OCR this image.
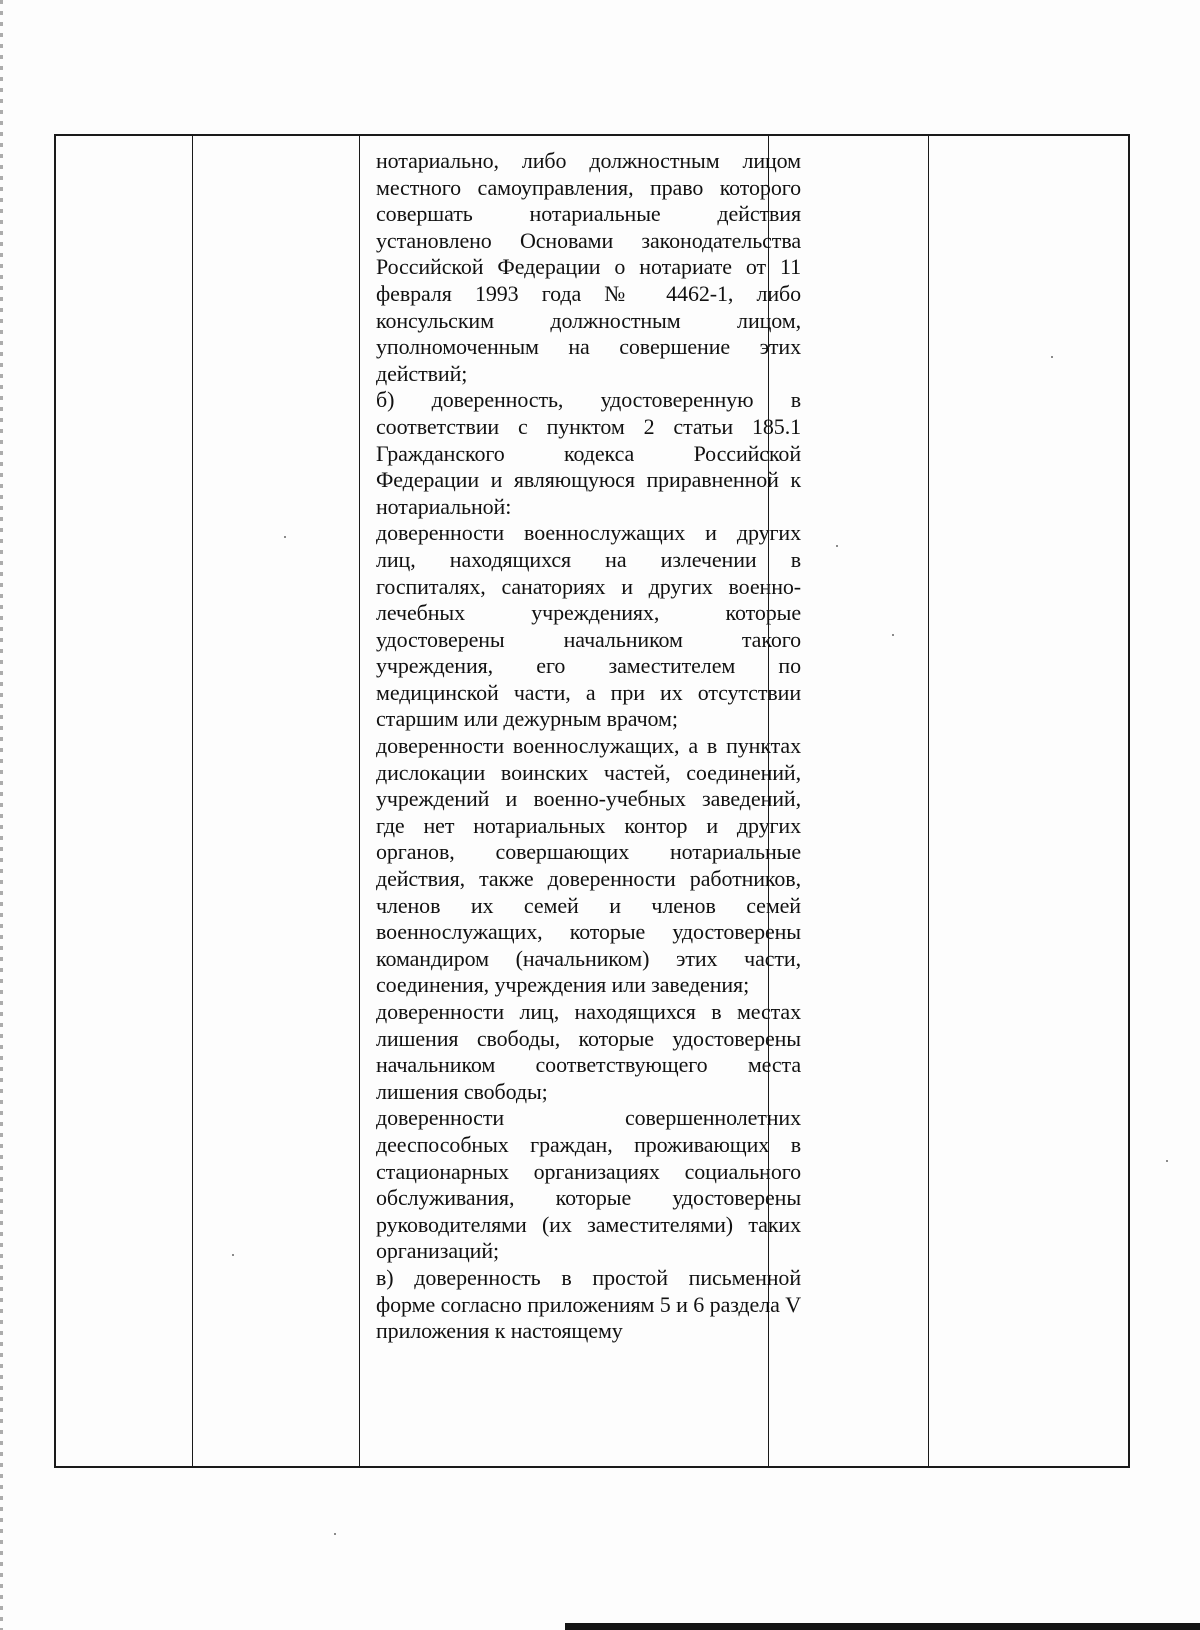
нотариально, либо должностным лицом местного самоуправления, право которого совершать нотариальные действия установлено Основами законодательства Российской Федерации о нотариате от 11 февраля 1993 года № 4462-1, либо консульским должностным лицом, уполномоченным на совершение этих действий;

б) доверенность, удостоверенную в соответствии с пунктом 2 статьи 185.1 Гражданского кодекса Российской Федерации и являющуюся приравненной к нотариальной:

доверенности военнослужащих и других лиц, находящихся на излечении в госпиталях, санаториях и других военно-лечебных учреждениях, которые удостоверены начальником такого учреждения, его заместителем по медицинской части, а при их отсутствии старшим или дежурным врачом;

доверенности военнослужащих, а в пунктах дислокации воинских частей, соединений, учреждений и военно-учебных заведений, где нет нотариальных контор и других органов, совершающих нотариальные действия, также доверенности работников, членов их семей и членов семей военнослужащих, которые удостоверены командиром (начальником) этих части, соединения, учреждения или заведения;

доверенности лиц, находящихся в местах лишения свободы, которые удостоверены начальником соответствующего места лишения свободы;

доверенности совершеннолетних дееспособных граждан, проживающих в стационарных организациях социального обслуживания, которые удостоверены руководителями (их заместителями) таких организаций;

в) доверенность в простой письменной форме согласно приложениям 5 и 6 раздела V приложения к настоящему
